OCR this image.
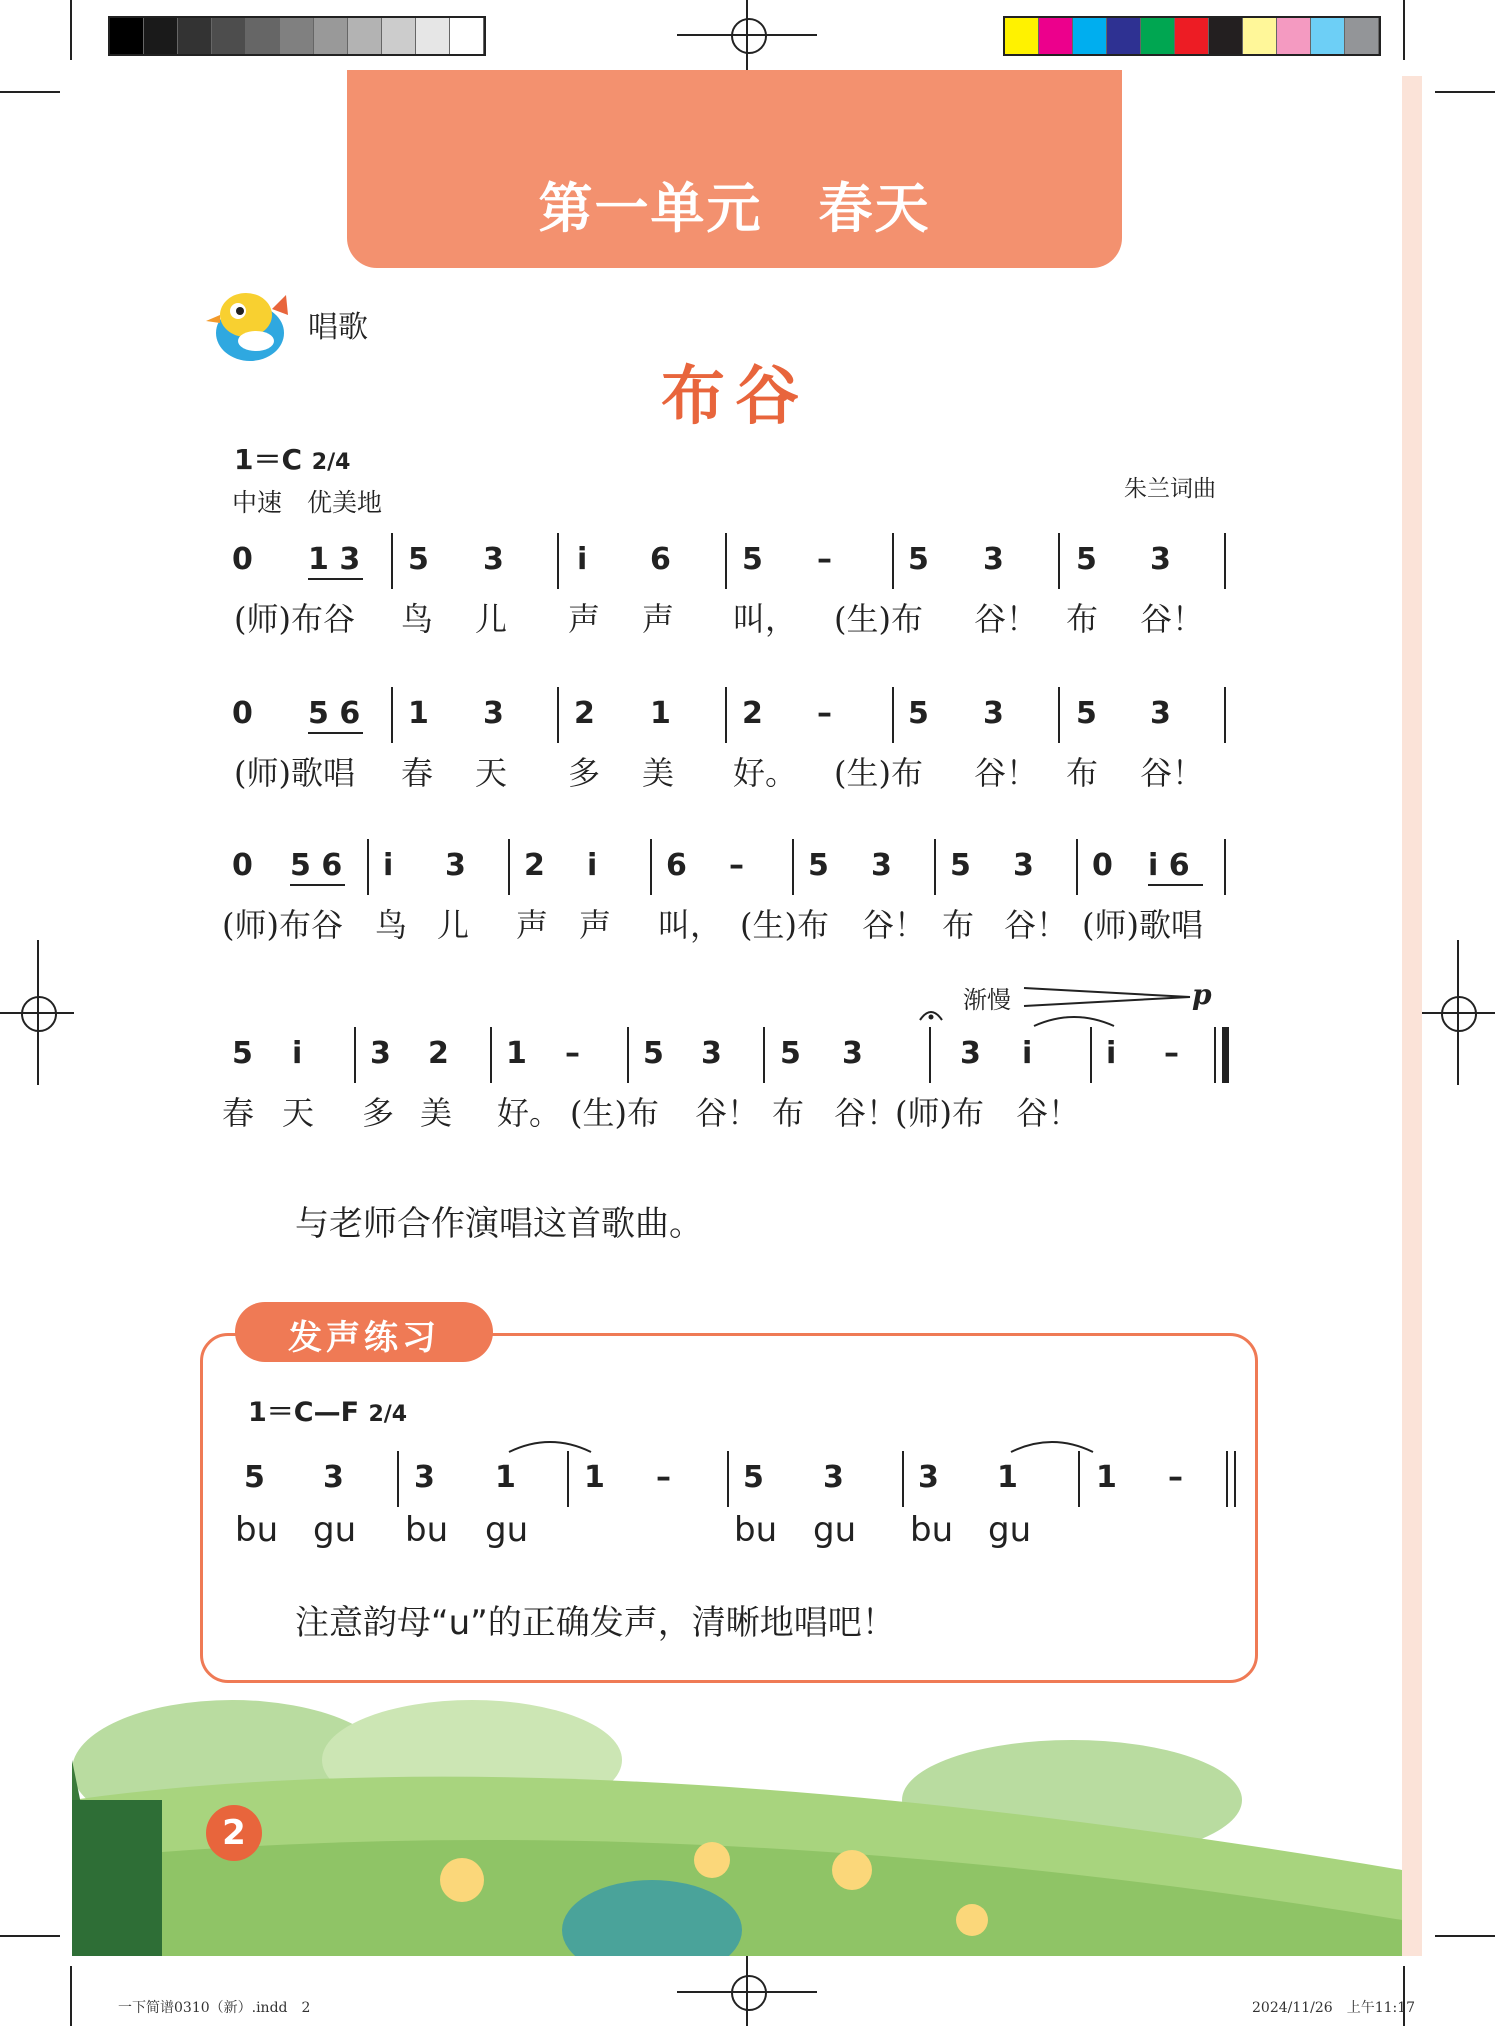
第一单元　春天
唱歌
布谷
1＝C 2/4
中速　优美地	朱兰词曲
0 1 3 5 3 i 6 5 –	5 3 5 3
(师)布谷 鸟 儿 声 声 叫， (生)布 谷！ 布 谷！
0 5 6 1 3 2 1 2 –	5 3 5 3
(师)歌唱 春 天 多 美 好。 (生)布 谷！ 布 谷！
0 5 6 i 3 2 i 6 – 5 3 5 3 0 i 6
(师)布谷 鸟 儿 声 声 叫， (生)布 谷！ 布 谷！ (师)歌唱
渐慢	p
5 i 3 2 1 – 5 3 5 3	3 i i –
春 天 多 美 好。 (生)布 谷！ 布 谷！
(师)布 谷！
与老师合作演唱这首歌曲。
发声练习
1＝C—F 2/4
5 3 3 1 1 – 5 3 3 1	1 –
bu gu bu gu	bu gu bu gu
注意韵母“u”的正确发声，清晰地唱吧！
2
一下简谱0310（新）.indd　2	2024/11/26　上午11:17
